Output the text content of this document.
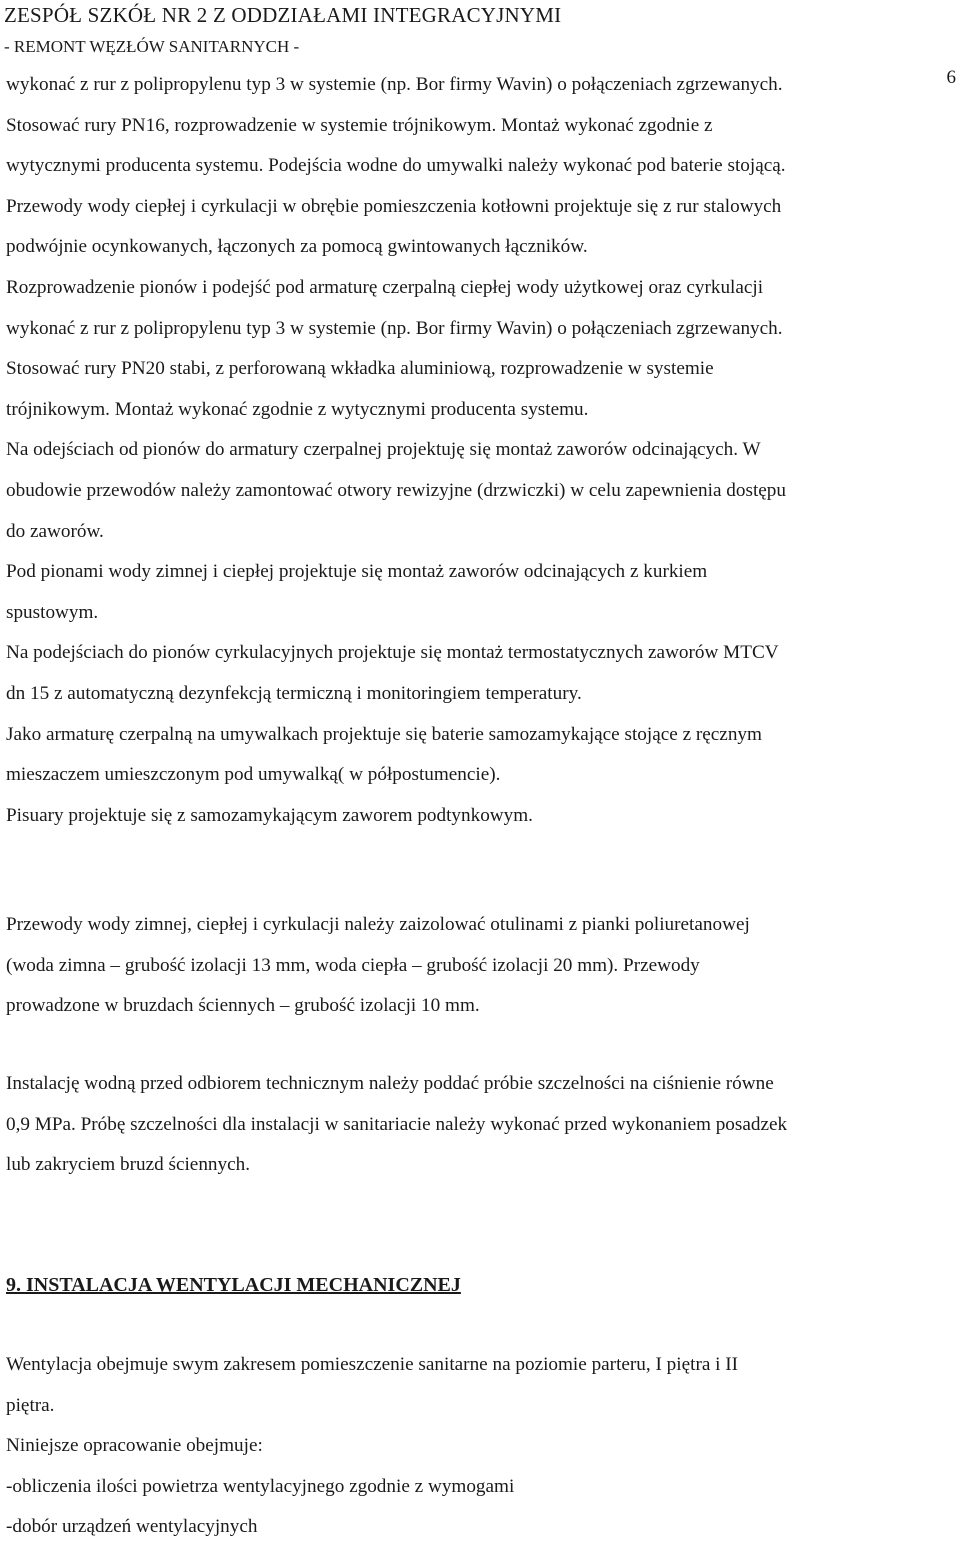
ZESPÓŁ SZKÓŁ NR 2 Z ODDZIAŁAMI INTEGRACYJNYMI
- REMONT WĘZŁÓW SANITARNYCH -
6
wykonać z rur z polipropylenu typ 3 w systemie (np. Bor firmy Wavin) o połączeniach zgrzewanych.
Stosować rury PN16, rozprowadzenie w systemie trójnikowym. Montaż wykonać zgodnie z
wytycznymi producenta systemu. Podejścia wodne do umywalki należy wykonać pod baterie stojącą.
Przewody wody ciepłej i cyrkulacji w obrębie pomieszczenia kotłowni projektuje się z rur stalowych
podwójnie ocynkowanych, łączonych za pomocą gwintowanych łączników.
Rozprowadzenie pionów i podejść pod armaturę czerpalną ciepłej wody użytkowej oraz cyrkulacji
wykonać z rur z polipropylenu typ 3 w systemie (np. Bor firmy Wavin) o połączeniach zgrzewanych.
Stosować rury PN20 stabi, z perforowaną wkładka aluminiową, rozprowadzenie w systemie
trójnikowym. Montaż wykonać zgodnie z wytycznymi producenta systemu.
Na odejściach od pionów do armatury czerpalnej projektuję się montaż zaworów odcinających. W
obudowie przewodów należy zamontować otwory rewizyjne (drzwiczki) w celu zapewnienia dostępu
do zaworów.
Pod pionami wody zimnej i ciepłej projektuje się montaż zaworów odcinających z kurkiem
spustowym.
Na podejściach do pionów cyrkulacyjnych projektuje się montaż termostatycznych zaworów MTCV
dn 15 z automatyczną dezynfekcją termiczną i monitoringiem temperatury.
Jako armaturę czerpalną na umywalkach projektuje się baterie samozamykające stojące z ręcznym
mieszaczem umieszczonym pod umywalką( w półpostumencie).
Pisuary projektuje się z samozamykającym zaworem podtynkowym.
Przewody wody zimnej, ciepłej i cyrkulacji należy zaizolować otulinami z pianki poliuretanowej
(woda zimna – grubość izolacji 13 mm, woda ciepła – grubość izolacji 20 mm). Przewody
prowadzone w bruzdach ściennych – grubość izolacji 10 mm.
Instalację wodną przed odbiorem technicznym należy poddać próbie szczelności na ciśnienie równe
0,9 MPa. Próbę szczelności dla instalacji w sanitariacie należy wykonać przed wykonaniem posadzek
lub zakryciem bruzd ściennych.
9. INSTALACJA WENTYLACJI MECHANICZNEJ
Wentylacja obejmuje swym zakresem pomieszczenie sanitarne na poziomie parteru, I piętra i II
piętra.
Niniejsze opracowanie obejmuje:
-obliczenia ilości powietrza wentylacyjnego zgodnie z wymogami
-dobór urządzeń wentylacyjnych
